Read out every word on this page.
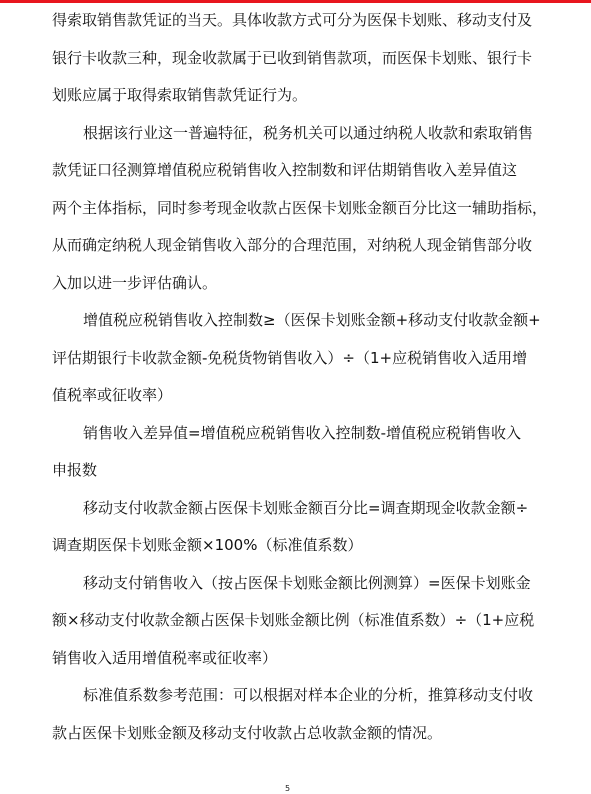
得索取销售款凭证的当天。具体收款方式可分为医保卡划账、移动支付及
银行卡收款三种，现金收款属于已收到销售款项，而医保卡划账、银行卡
划账应属于取得索取销售款凭证行为。
根据该行业这一普遍特征，税务机关可以通过纳税人收款和索取销售
款凭证口径测算增值税应税销售收入控制数和评估期销售收入差异值这
两个主体指标，同时参考现金收款占医保卡划账金额百分比这一辅助指标，
从而确定纳税人现金销售收入部分的合理范围，对纳税人现金销售部分收
入加以进一步评估确认。
增值税应税销售收入控制数≥（医保卡划账金额+移动支付收款金额+
评估期银行卡收款金额-免税货物销售收入）÷（1+应税销售收入适用增
值税率或征收率）
销售收入差异值=增值税应税销售收入控制数-增值税应税销售收入
申报数
移动支付收款金额占医保卡划账金额百分比=调查期现金收款金额÷
调查期医保卡划账金额×100%（标准值系数）
移动支付销售收入（按占医保卡划账金额比例测算）=医保卡划账金
额×移动支付收款金额占医保卡划账金额比例（标准值系数）÷（1+应税
销售收入适用增值税率或征收率）
标准值系数参考范围：可以根据对样本企业的分析，推算移动支付收
款占医保卡划账金额及移动支付收款占总收款金额的情况。
5
